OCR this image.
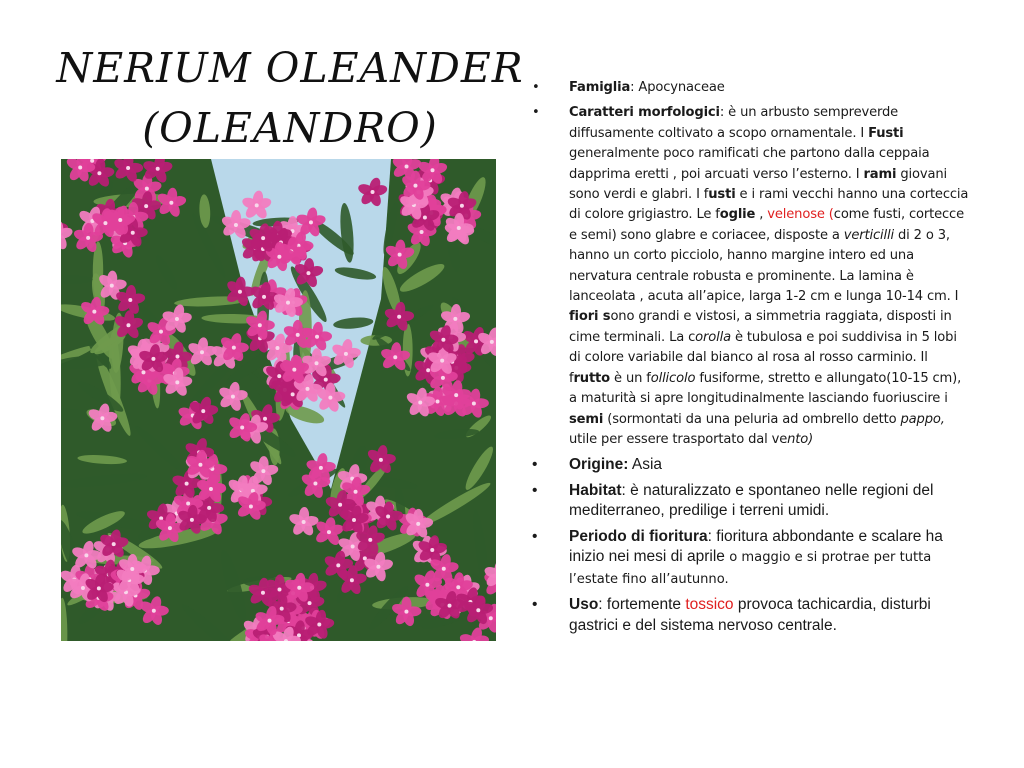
NERIUM OLEANDER
(OLEANDRO)
• Famiglia: Apocynaceae
• Caratteri morfologici: è un arbusto sempreverde diffusamente coltivato a scopo ornamentale. I Fusti generalmente poco ramificati che partono dalla ceppaia dapprima eretti , poi arcuati verso l’esterno. I rami giovani sono verdi e glabri. I fusti e i rami vecchi hanno una corteccia di colore grigiastro. Le foglie , velenose (come fusti, cortecce e semi) sono glabre e coriacee, disposte a verticilli di 2 o 3, hanno un corto picciolo, hanno margine intero ed una nervatura centrale robusta e prominente. La lamina è lanceolata , acuta all’apice, larga 1-2 cm e lunga 10-14 cm. I fiori sono grandi e vistosi, a simmetria raggiata, disposti in cime terminali. La corolla è tubulosa e poi suddivisa in 5 lobi di colore variabile dal bianco al rosa al rosso carminio. Il frutto è un follicolo fusiforme, stretto e allungato(10-15 cm), a maturità si apre longitudinalmente lasciando fuoriuscire i semi (sormontati da una peluria ad ombrello detto pappo, utile per essere trasportato dal vento)
• Origine: Asia
• Habitat: è naturalizzato e spontaneo nelle regioni del mediterraneo, predilige i terreni umidi.
• Periodo di fioritura: fioritura abbondante e scalare ha inizio nei mesi di aprile o maggio e si protrae per tutta l’estate fino all’autunno.
• Uso: fortemente tossico provoca tachicardia, disturbi gastrici e del sistema nervoso centrale.
